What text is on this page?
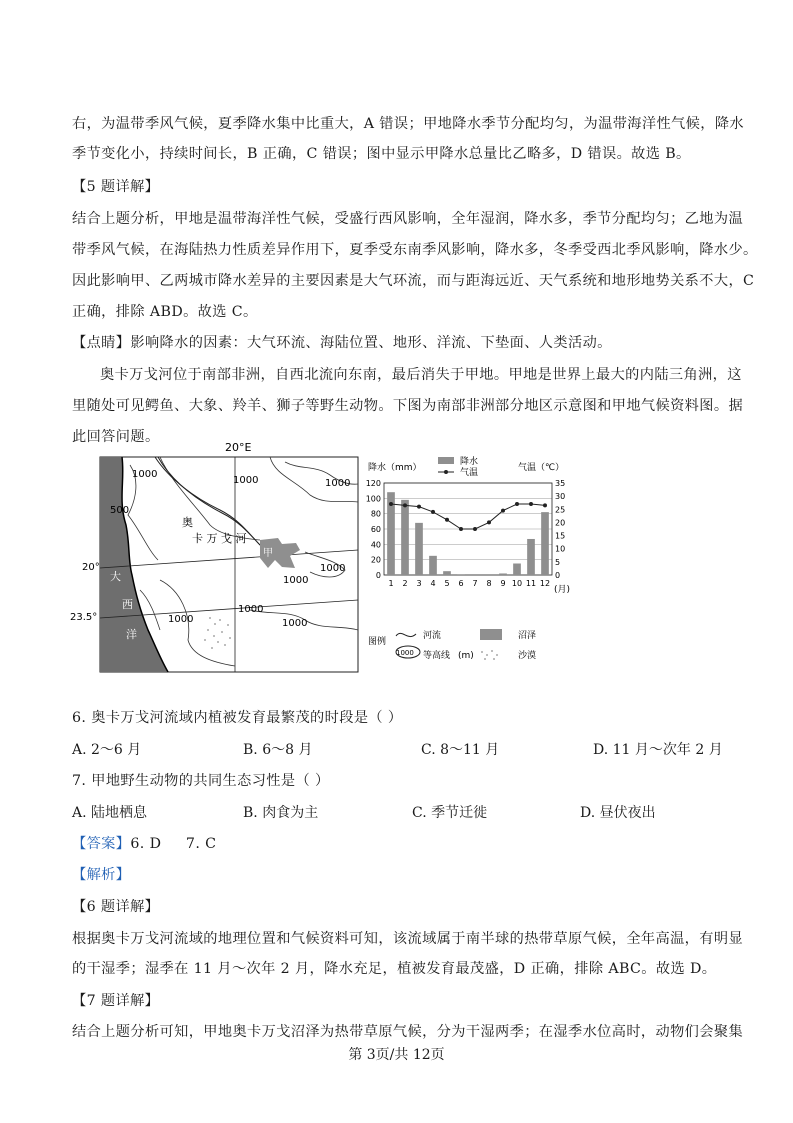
右，为温带季风气候，夏季降水集中比重大，A 错误；甲地降水季节分配均匀，为温带海洋性气候，降水
季节变化小，持续时间长，B 正确，C 错误；图中显示甲降水总量比乙略多，D 错误。故选 B。
【5 题详解】
结合上题分析，甲地是温带海洋性气候，受盛行西风影响，全年湿润，降水多，季节分配均匀；乙地为温
带季风气候，在海陆热力性质差异作用下，夏季受东南季风影响，降水多，冬季受西北季风影响，降水少。
因此影响甲、乙两城市降水差异的主要因素是大气环流，而与距海远近、天气系统和地形地势关系不大，C
正确，排除 ABD。故选 C。
【点睛】影响降水的因素：大气环流、海陆位置、地形、洋流、下垫面、人类活动。
奥卡万戈河位于南部非洲，自西北流向东南，最后消失于甲地。甲地是世界上最大的内陆三角洲，这
里随处可见鳄鱼、大象、羚羊、狮子等野生动物。下图为南部非洲部分地区示意图和甲地气候资料图。据
此回答问题。
20°E
20°
23.5°
大
西
洋
奥
卡 万 戈 河
甲
1000
1000	1000
500
1000
1000
1000
1000	1000
降水（mm）	气温（℃）
降水
气温
0
20
40
60
80
100
120
0
5
10
15
20
25
30
35
1 2 3 4 5 6 7 8 9 10 11 12
(月)
图例
河流	沼泽
1000 等高线 (m)	沙漠
6. 奥卡万戈河流域内植被发育最繁茂的时段是（ ）
A. 2～6 月	B. 6～8 月	C. 8～11 月	D. 11 月～次年 2 月
7. 甲地野生动物的共同生态习性是（ ）
A. 陆地栖息	B. 肉食为主	C. 季节迁徙	D. 昼伏夜出
【答案】6. D     7. C
【解析】
【6 题详解】
根据奥卡万戈河流域的地理位置和气候资料可知，该流域属于南半球的热带草原气候，全年高温，有明显
的干湿季；湿季在 11 月～次年 2 月，降水充足，植被发育最茂盛，D 正确，排除 ABC。故选 D。
【7 题详解】
结合上题分析可知，甲地奥卡万戈沼泽为热带草原气候，分为干湿两季；在湿季水位高时，动物们会聚集
第 3页/共 12页
